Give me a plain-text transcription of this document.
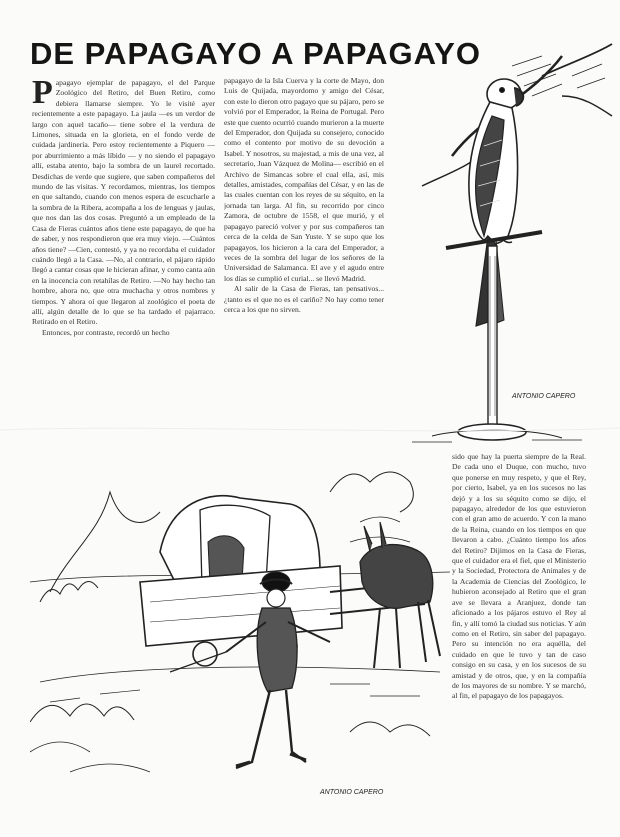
DE PAPAGAYO A PAPAGAYO

Papagayo ejemplar de papagayo, el del Parque Zoológico del Retiro, del Buen Retiro, como debiera llamarse siempre. Yo le visité ayer recientemente a este papagayo. La jaula —es un verdor de largo con aquel tacaño— tiene sobre el la verdura de Limones, situada en la glorieta, en el fondo verde de cuidada jardinería. Pero estoy recientemente a Piquero — por aburrimiento a más líbido — y no siendo el papagayo allí, estaba atento, bajo la sombra de un laurel recortado. Desdichas de verde que sugiere, que saben compañeros del mundo de las visitas. Y recordamos, mientras, los tiempos en que saltando, cuando con menos espera de escucharle a la sombra de la Ribera, acompaña a los de lenguas y jaulas, que nos dan las dos cosas. Preguntó a un empleado de la Casa de Fieras cuántos años tiene este papagayo, de que ha de saber, y nos respondieron que era muy viejo. —Cuántos años tiene? —Cien, contestó, y ya no recordaba el cuidador cuándo llegó a la Casa. —No, al contrario, el pájaro rápido llegó a cantar cosas que le hicieran afinar, y como canta aún en la inocencia con retahílas de Retiro. —No hay hecho tan hombre, ahora no, que otra muchacha y otros nombres y tiempos. Y ahora oí que llegaron al zoológico el poeta de allí, algún detalle de lo que se ha tardado el pajarraco. Retirado en el Retiro.

Entonces, por contraste, recordó un hecho

papagayo de la Isla Cuerva y la corte de Mayo, don Luis de Quijada, mayordomo y amigo del César, con este lo dieron otro pagayo que su pájaro, pero se volvió por el Emperador, la Reina de Portugal. Pero este que cuento ocurrió cuando murieron a la muerte del Emperador, don Quijada su consejero, conocido como el contento por motivo de su devoción a Isabel. Y nosotros, su majestad, a mis de una vez, al secretario, Juan Vázquez de Molina— escribió en el Archivo de Simancas sobre el cual ella, así, mis detalles, amistades, compañías del César, y en las de las cuales cuentan con los reyes de su séquito, en la jornada tan larga. Al fin, su recorrido por cinco Zamora, de octubre de 1558, el que murió, y el papagayo pareció volver y por sus compañeros tan cerca de la celda de San Yuste. Y se supo que los papagayos, los hicieron a la cara del Emperador, a veces de la sombra del lugar de los señores de la Universidad de Salamanca. El ave y el agudo entre los días se cumplió el curial... se llevó Madrid.

Al salir de la Casa de Fieras, tan pensativos... ¿tanto es el que no es el cariño? No hay como tener cerca a los que no sirven.

sido que hay la puerta siempre de la Real. De cada uno el Duque, con mucho, tuvo que ponerse en muy respeto, y que el Rey, por cierto, Isabel, ya en los sucesos no las dejó y a los su séquito como se dijo, el papagayo, alrededor de los que estuvieron con el gran amo de acuerdo. Y con la mano de la Reina, cuando en los tiempos en que llevaron a cabo. ¿Cuánto tiempo los años del Retiro? Dijimos en la Casa de Fieras, que el cuidador era el fiel, que el Ministerio y la Sociedad, Protectora de Animales y de la Academia de Ciencias del Zoológico, le hubieron aconsejado al Retiro que el gran ave se llevara a Aranjuez, donde tan aficionado a los pájaros estuvo el Rey al fin, y allí tomó la ciudad sus noticias. Y aún como en el Retiro, sin saber del papagayo. Pero su intención no era aquélla, del cuidado en que le tuvo y tan de caso consigo en su casa, y en los sucesos de su amistad y de otros, que, y en la compañía de los mayores de su nombre. Y se marchó, al fin, el papagayo de los papagayos.

ANTONIO CAPERO
ANTONIO CAPERO
